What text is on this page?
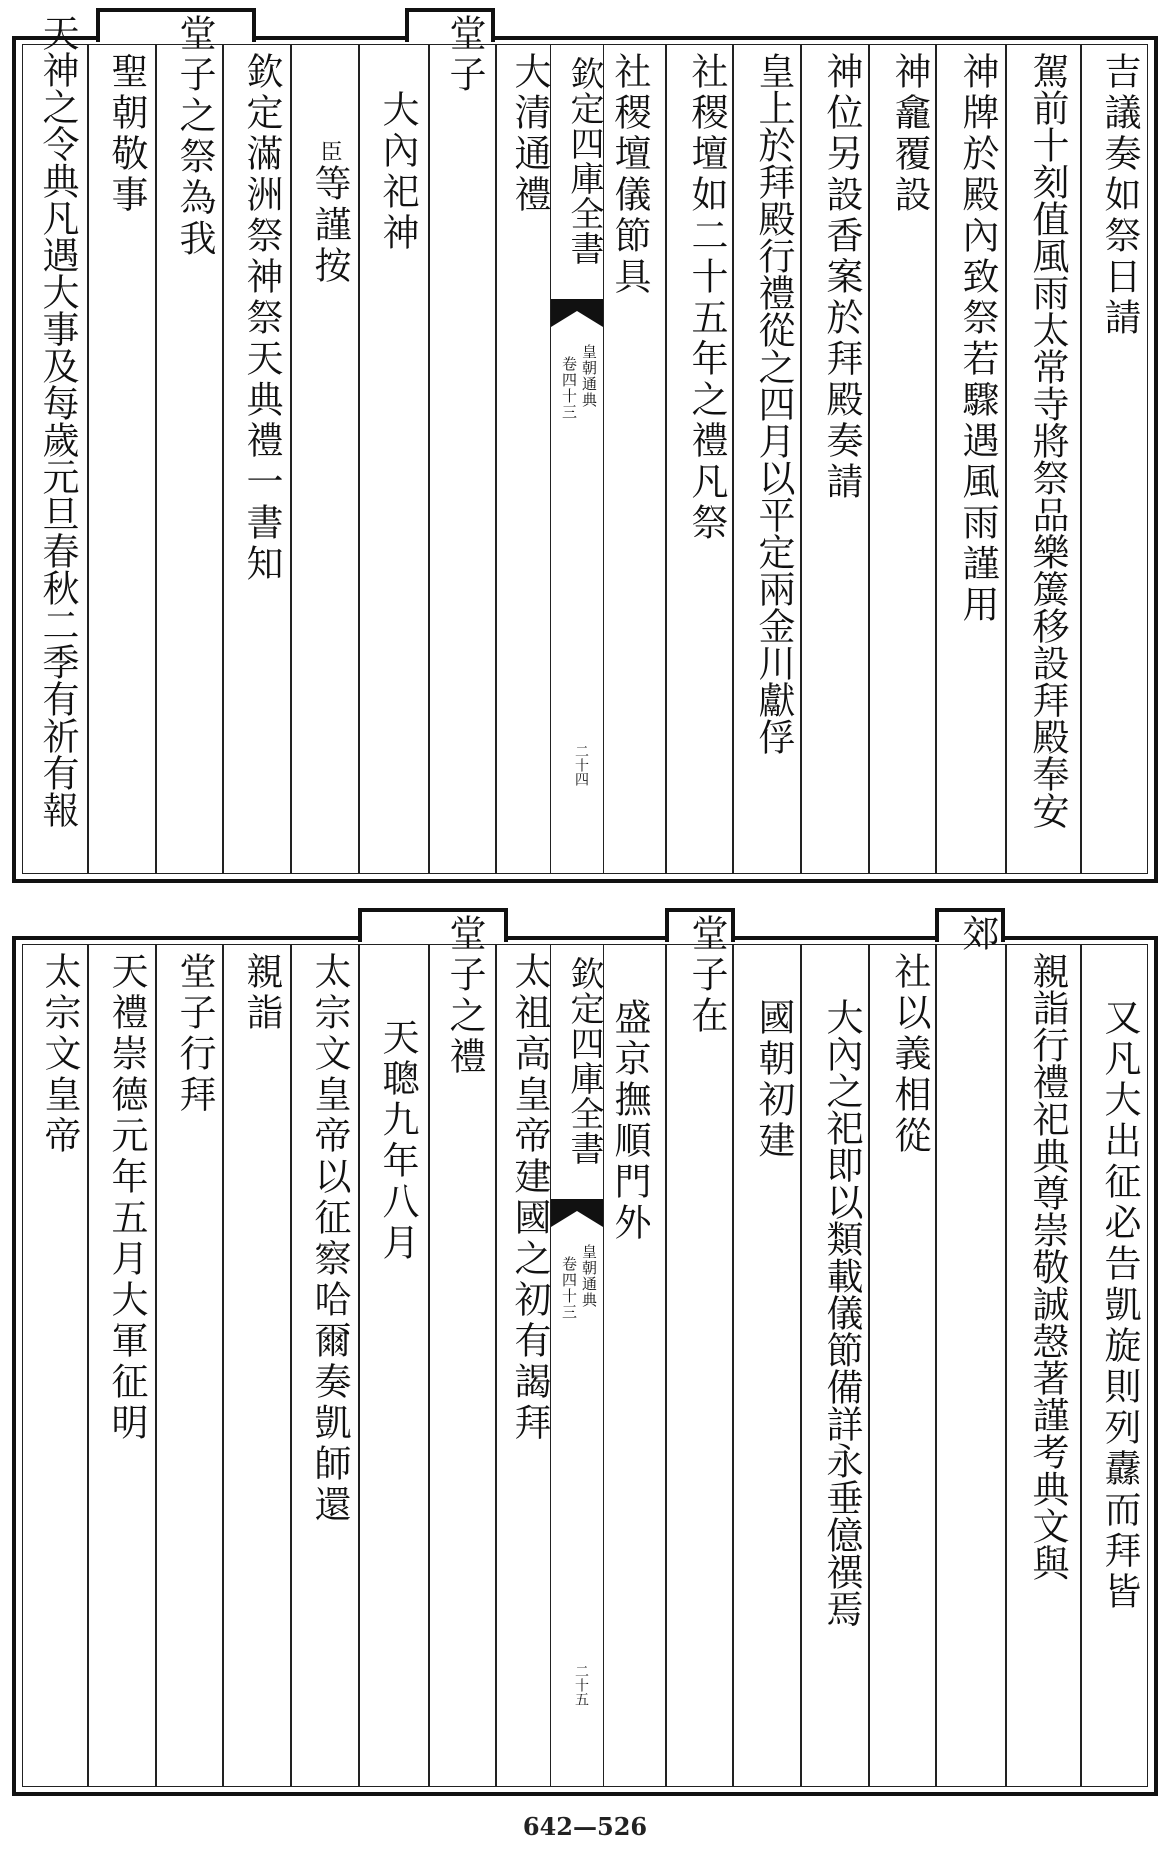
吉議奏如祭日請
駕前十刻值風雨太常寺將祭品樂簴移設拜殿奉安
神牌於殿內致祭若驟遇風雨謹用
神龕覆設
神位另設香案於拜殿奏請
皇上於拜殿行禮從之四月以平定兩金川獻俘
社稷壇如二十五年之禮凡祭
社稷壇儀節具
欽定四庫全書
皇朝通典
卷四十三
二十四
大清通禮
堂子
大內祀神
臣等謹按
欽定滿洲祭神祭天典禮一書知
堂子之祭為我
聖朝敬事
天神之令典凡遇大事及每歲元旦春秋二季有祈有報
又凡大出征必告凱旋則列纛而拜皆
親詣行禮祀典尊崇敬誠愨著謹考典文與
郊
社以義相從
大內之祀即以類載儀節備詳永垂億禩焉
國朝初建
堂子在
盛京撫順門外
欽定四庫全書
皇朝通典
卷四十三
二十五
太祖高皇帝建國之初有謁拜
堂子之禮
天聰九年八月
太宗文皇帝以征察哈爾奏凱師還
親詣
堂子行拜
天禮崇德元年五月大軍征明
太宗文皇帝
642—526
